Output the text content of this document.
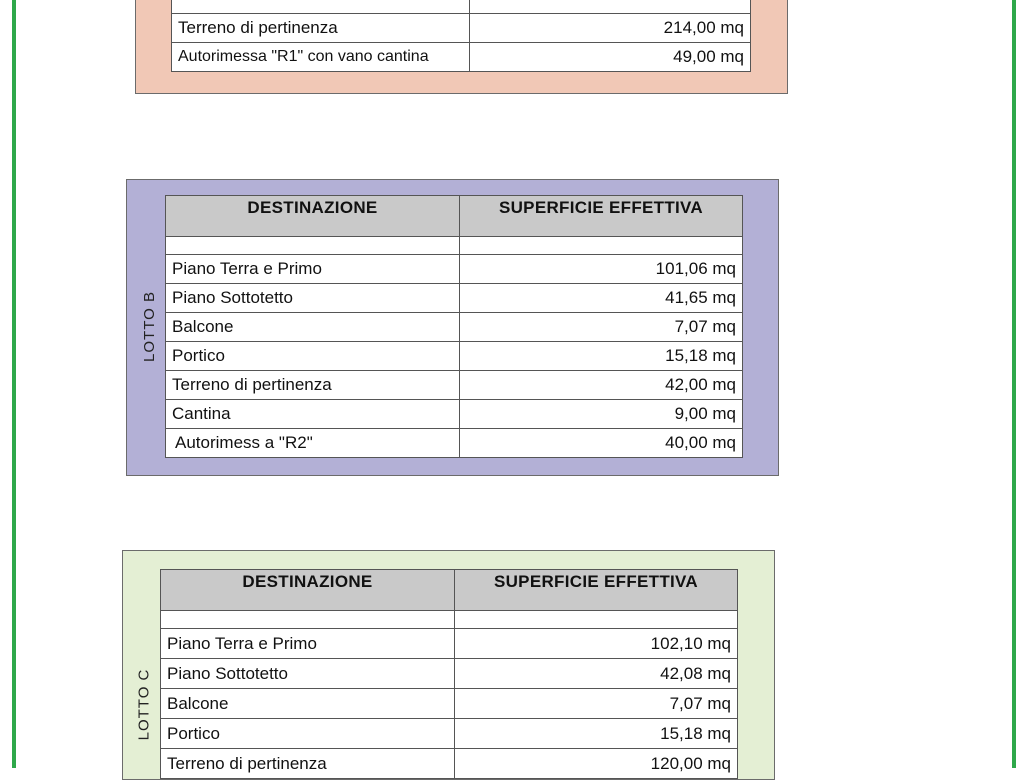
Terreno di pertinenza	214,00 mq
Autorimessa "R1" con vano cantina	49,00 mq
LOTTO B
DESTINAZIONE	SUPERFICIE EFFETTIVA

Piano Terra e Primo	101,06 mq
Piano Sottotetto	41,65 mq
Balcone	7,07 mq
Portico	15,18 mq
Terreno di pertinenza	42,00 mq
Cantina	9,00 mq
Autorimess a "R2"	40,00 mq
LOTTO C
DESTINAZIONE	SUPERFICIE EFFETTIVA

Piano Terra e Primo	102,10 mq
Piano Sottotetto	42,08 mq
Balcone	7,07 mq
Portico	15,18 mq
Terreno di pertinenza	120,00 mq
